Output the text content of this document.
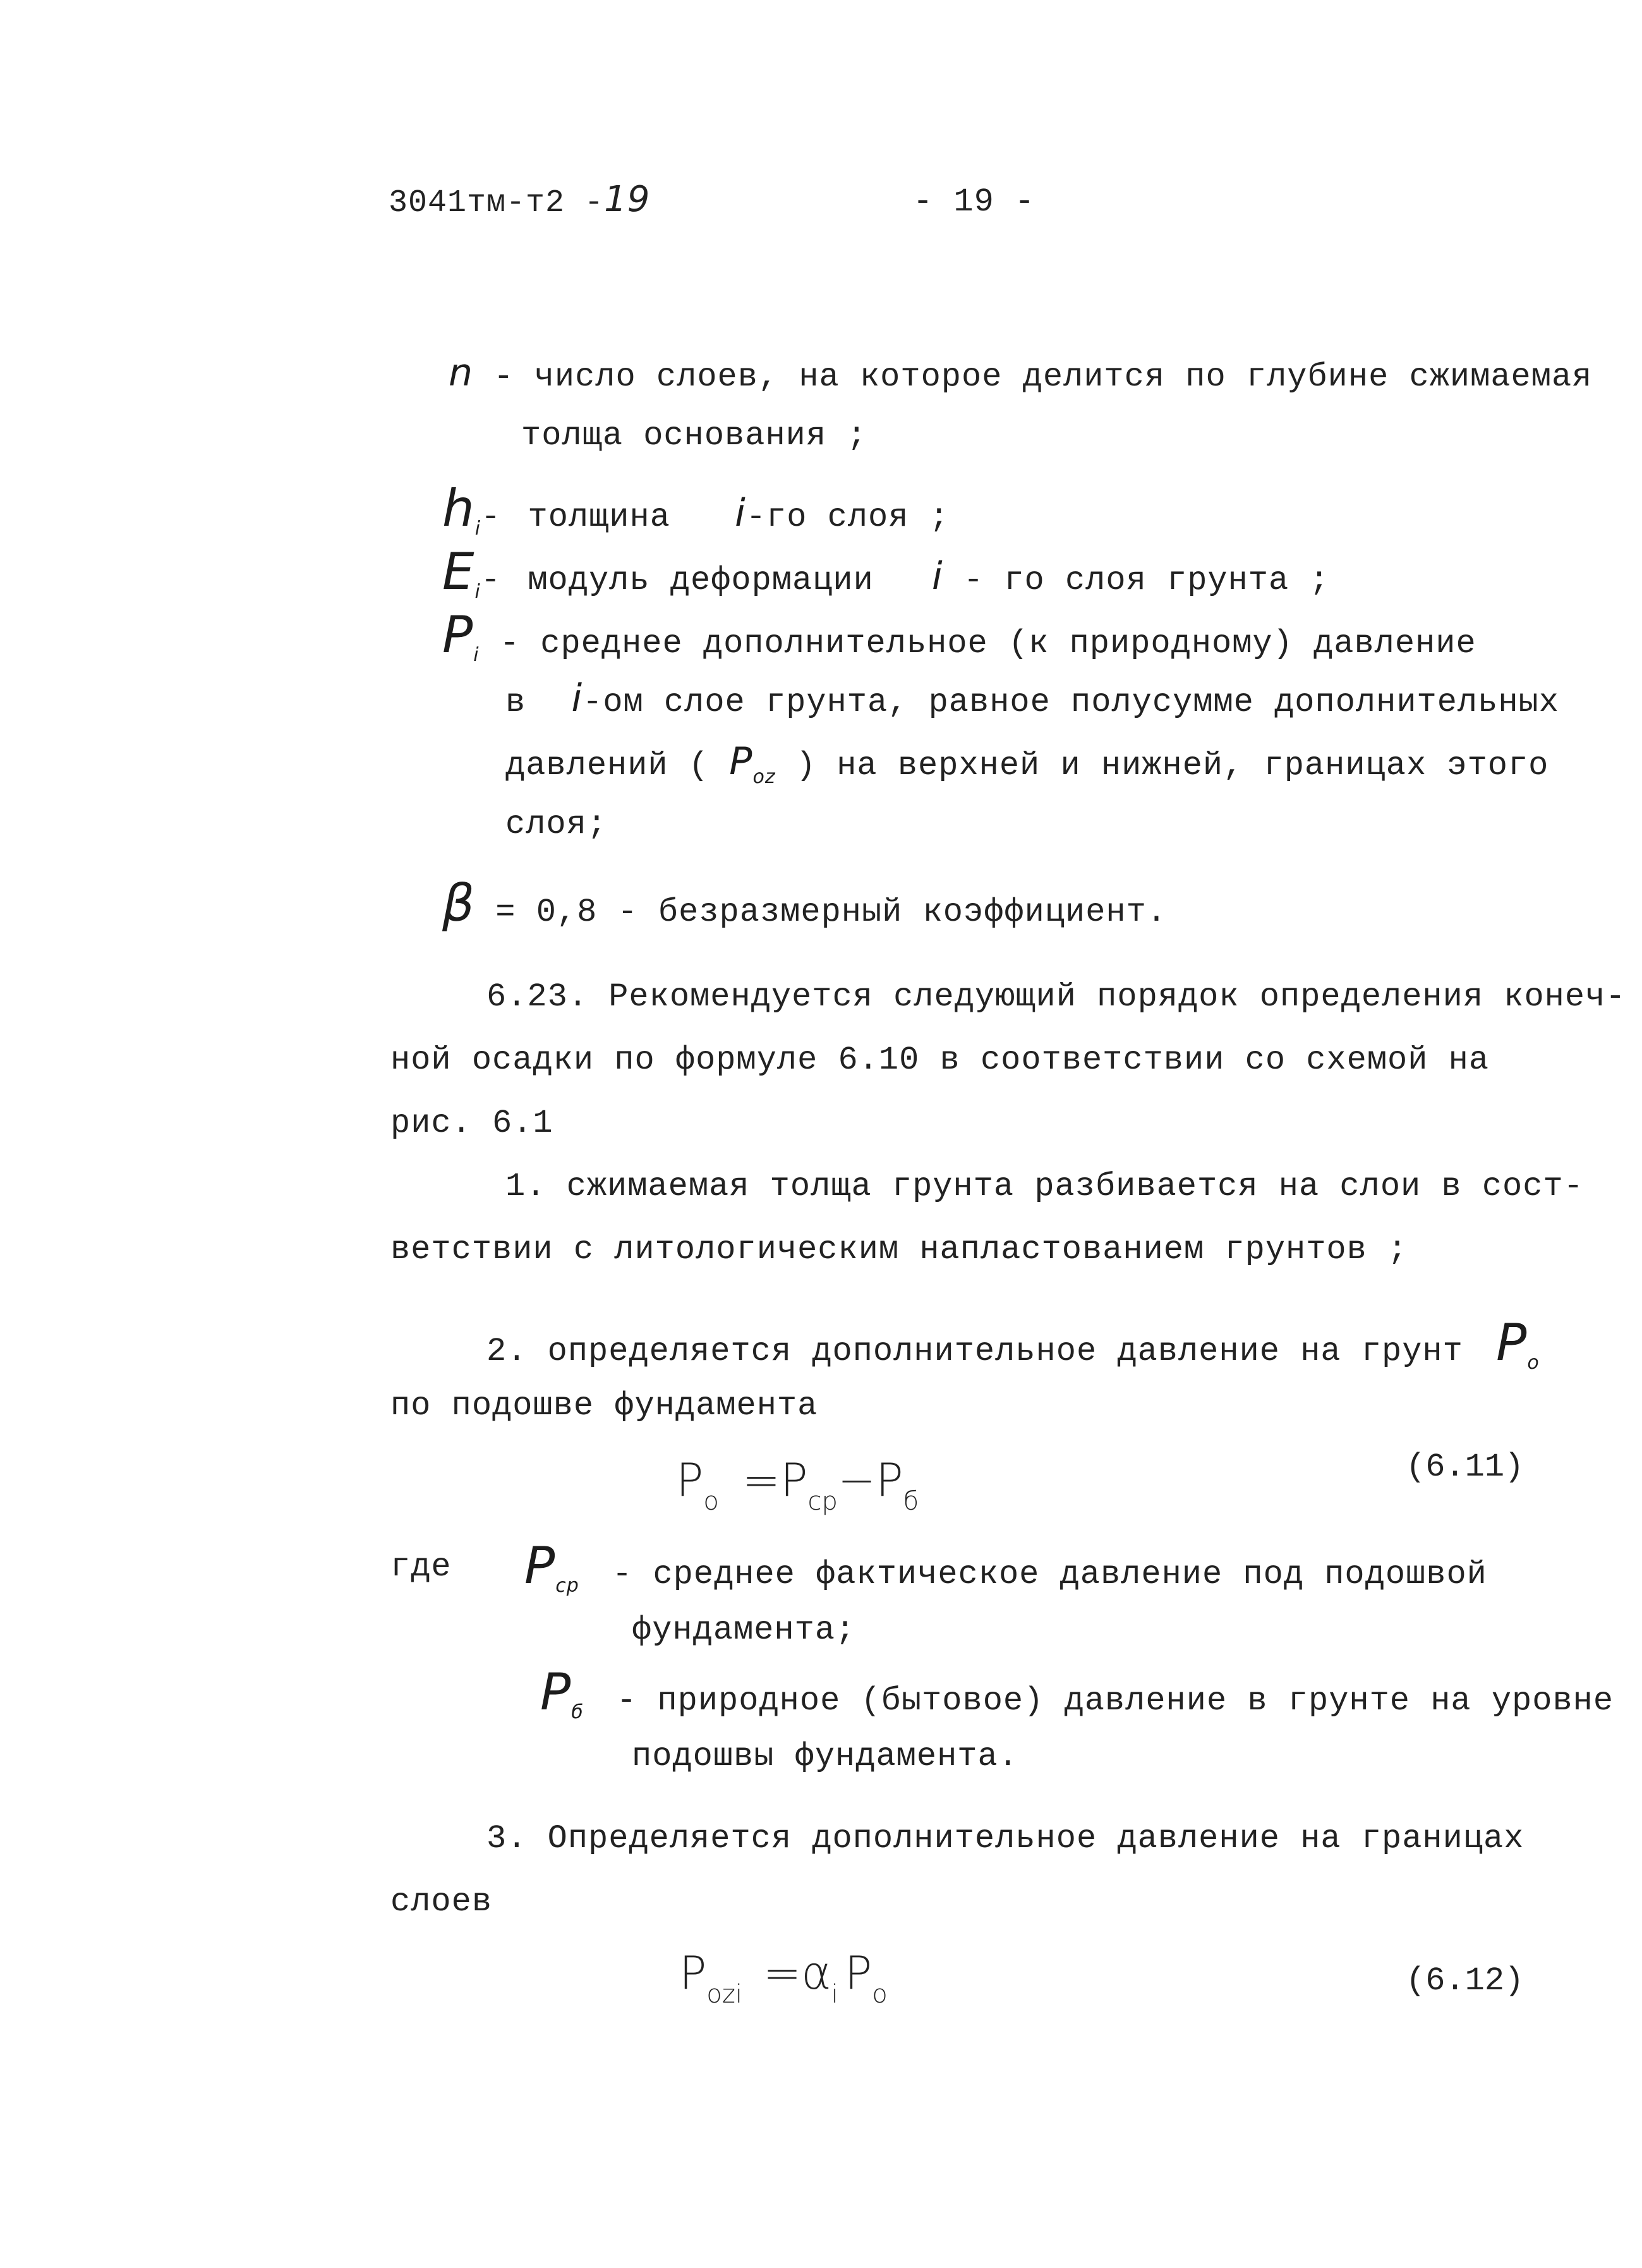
3041тм-т2 -19	- 19 -
n - число слоев, на которое делится по глубине сжимаемая
толща основания ;
$h_i-$ толщина i-го слоя ;
$E_i-$ модуль деформации i - го слоя грунта ;
$P_i$ - среднее дополнительное (к природному) давление
в i-ом слое грунта, равное полусумме дополнительных
давлений ( $P_{oz}$ ) на верхней и нижней, границах этого
слоя;
β = 0,8 - безразмерный коэффициент.
6.23. Рекомендуется следующий порядок определения конеч-
ной осадки по формуле 6.10 в соответствии со схемой на
рис. 6.1
1. сжимаемая толща грунта разбивается на слои в сост-
ветствии с литологическим напластованием грунтов ;
2. определяется дополнительное давление на грунт $P_o$
по подошве фундамента
$P_o =P_{cp}-P_б$
(6.11)
где $P_{cp}$ - среднее фактическое давление под подошвой
фундамента;
$P_б$ - природное (бытовое) давление в грунте на уровне
подошвы фундамента.
3. Определяется дополнительное давление на границах
слоев
$P_{ozi} =\alpha_i$ $P_o$	(6.12)
